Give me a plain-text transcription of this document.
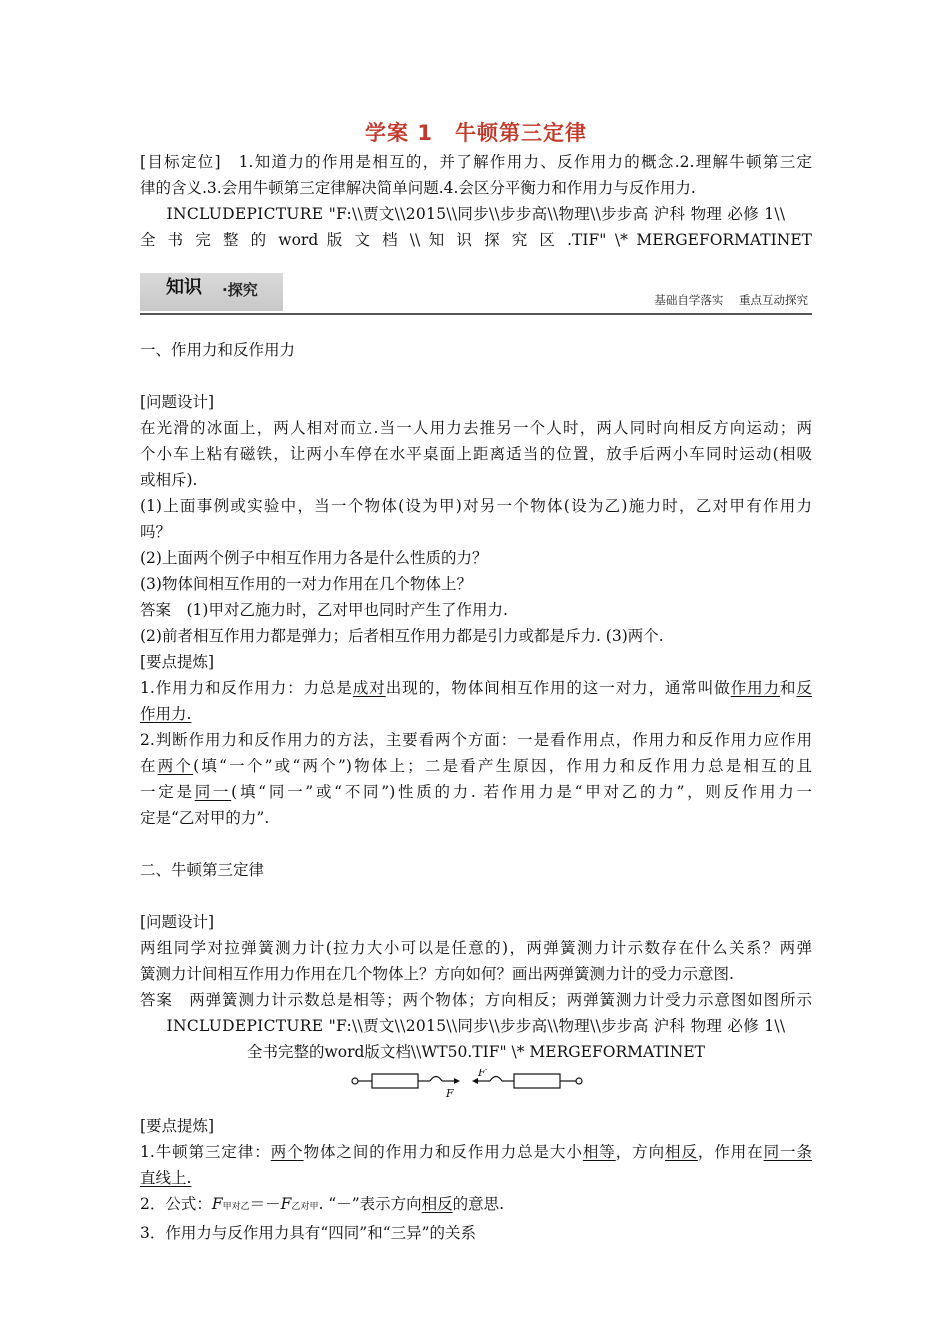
学案 1　牛顿第三定律

[目标定位]　1.知道力的作用是相互的，并了解作用力、反作用力的概念.2.理解牛顿第三定

律的含义.3.会用牛顿第三定律解决简单问题.4.会区分平衡力和作用力与反作用力.

INCLUDEPICTURE "F:\\贾文\\2015\\同步\\步步高\\物理\\步步高 沪科 物理 必修 1\\

全 书 完 整 的 word 版 文 档 \\ 知 识 探 究 区 .TIF" \* MERGEFORMATINET

知识 ·探究
基础自学落实 重点互动探究

一、作用力和反作用力

[问题设计]

在光滑的冰面上，两人相对而立.当一人用力去推另一个人时，两人同时向相反方向运动；两

个小车上粘有磁铁，让两小车停在水平桌面上距离适当的位置，放手后两小车同时运动(相吸

或相斥).

(1)上面事例或实验中，当一个物体(设为甲)对另一个物体(设为乙)施力时，乙对甲有作用力

吗？

(2)上面两个例子中相互作用力各是什么性质的力？

(3)物体间相互作用的一对力作用在几个物体上？

答案　(1)甲对乙施力时，乙对甲也同时产生了作用力.

(2)前者相互作用力都是弹力；后者相互作用力都是引力或都是斥力. (3)两个.

[要点提炼]

1.作用力和反作用力：力总是成对出现的，物体间相互作用的这一对力，通常叫做作用力和反

作用力.

2.判断作用力和反作用力的方法，主要看两个方面：一是看作用点，作用力和反作用力应作用

在两个(填“一个”或“两个”)物体上；二是看产生原因，作用力和反作用力总是相互的且

一定是同一(填“同一”或“不同”)性质的力. 若作用力是“甲对乙的力”，则反作用力一

定是“乙对甲的力”.

二、牛顿第三定律

[问题设计]

两组同学对拉弹簧测力计(拉力大小可以是任意的)，两弹簧测力计示数存在什么关系？两弹

簧测力计间相互作用力作用在几个物体上？方向如何？画出两弹簧测力计的受力示意图.

答案　两弹簧测力计示数总是相等；两个物体；方向相反；两弹簧测力计受力示意图如图所示

INCLUDEPICTURE "F:\\贾文\\2015\\同步\\步步高\\物理\\步步高 沪科 物理 必修 1\\

全书完整的word版文档\\WT50.TIF" \* MERGEFORMATINET

F
F′

[要点提炼]

1.牛顿第三定律：两个物体之间的作用力和反作用力总是大小相等，方向相反，作用在同一条

直线上.

2．公式：F甲对乙＝－F乙对甲. “－”表示方向相反的意思.

3．作用力与反作用力具有“四同”和“三异”的关系
